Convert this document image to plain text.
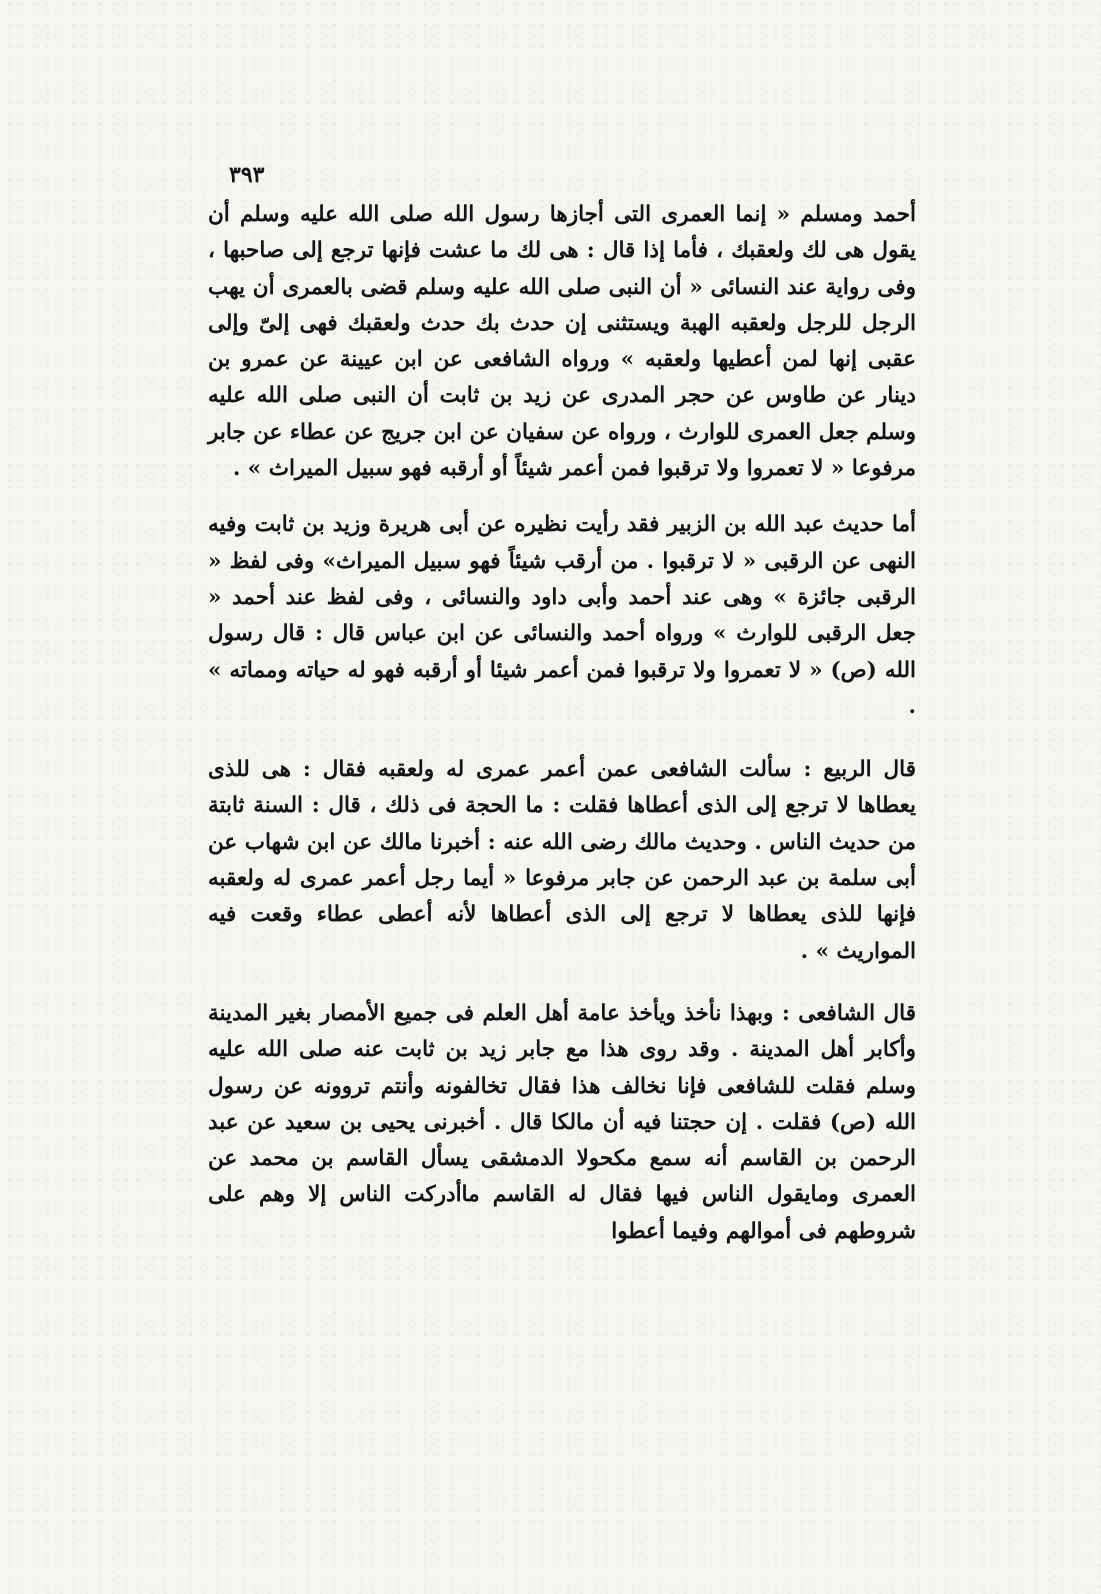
٣٩٣

أحمد ومسلم « إنما العمرى التى أجازها رسول الله صلى الله عليه وسلم أن يقول هى لك ولعقبك ، فأما إذا قال : هى لك ما عشت فإنها ترجع إلى صاحبها ، وفى رواية عند النسائى « أن النبى صلى الله عليه وسلم قضى بالعمرى أن يهب الرجل للرجل ولعقبه الهبة ويستثنى إن حدث بك حدث ولعقبك فهى إلىّ وإلى عقبى إنها لمن أعطيها ولعقبه » ورواه الشافعى عن ابن عيينة عن عمرو بن دينار عن طاوس عن حجر المدرى عن زيد بن ثابت أن النبى صلى الله عليه وسلم جعل العمرى للوارث ، ورواه عن سفيان عن ابن جريج عن عطاء عن جابر مرفوعا « لا تعمروا ولا ترقبوا فمن أعمر شيئاً أو أرقبه فهو سبيل الميراث » .

أما حديث عبد الله بن الزبير فقد رأيت نظيره عن أبى هريرة وزيد بن ثابت وفيه النهى عن الرقبى « لا ترقبوا . من أرقب شيئاً فهو سبيل الميراث» وفى لفظ « الرقبى جائزة » وهى عند أحمد وأبى داود والنسائى ، وفى لفظ عند أحمد « جعل الرقبى للوارث » ورواه أحمد والنسائى عن ابن عباس قال : قال رسول الله (ص) « لا تعمروا ولا ترقبوا فمن أعمر شيئا أو أرقبه فهو له حياته ومماته » .

قال الربيع : سألت الشافعى عمن أعمر عمرى له ولعقبه فقال : هى للذى يعطاها لا ترجع إلى الذى أعطاها فقلت : ما الحجة فى ذلك ، قال : السنة ثابتة من حديث الناس . وحديث مالك رضى الله عنه : أخبرنا مالك عن ابن شهاب عن أبى سلمة بن عبد الرحمن عن جابر مرفوعا « أيما رجل أعمر عمرى له ولعقبه فإنها للذى يعطاها لا ترجع إلى الذى أعطاها لأنه أعطى عطاء وقعت فيه المواريث » .

قال الشافعى : وبهذا نأخذ ويأخذ عامة أهل العلم فى جميع الأمصار بغير المدينة وأكابر أهل المدينة . وقد روى هذا مع جابر زيد بن ثابت عنه صلى الله عليه وسلم فقلت للشافعى فإنا نخالف هذا فقال تخالفونه وأنتم تروونه عن رسول الله (ص) فقلت . إن حجتنا فيه أن مالكا قال . أخبرنى يحيى بن سعيد عن عبد الرحمن بن القاسم أنه سمع مكحولا الدمشقى يسأل القاسم بن محمد عن العمرى ومايقول الناس فيها فقال له القاسم ماأدركت الناس إلا وهم على شروطهم فى أموالهم وفيما أعطوا
